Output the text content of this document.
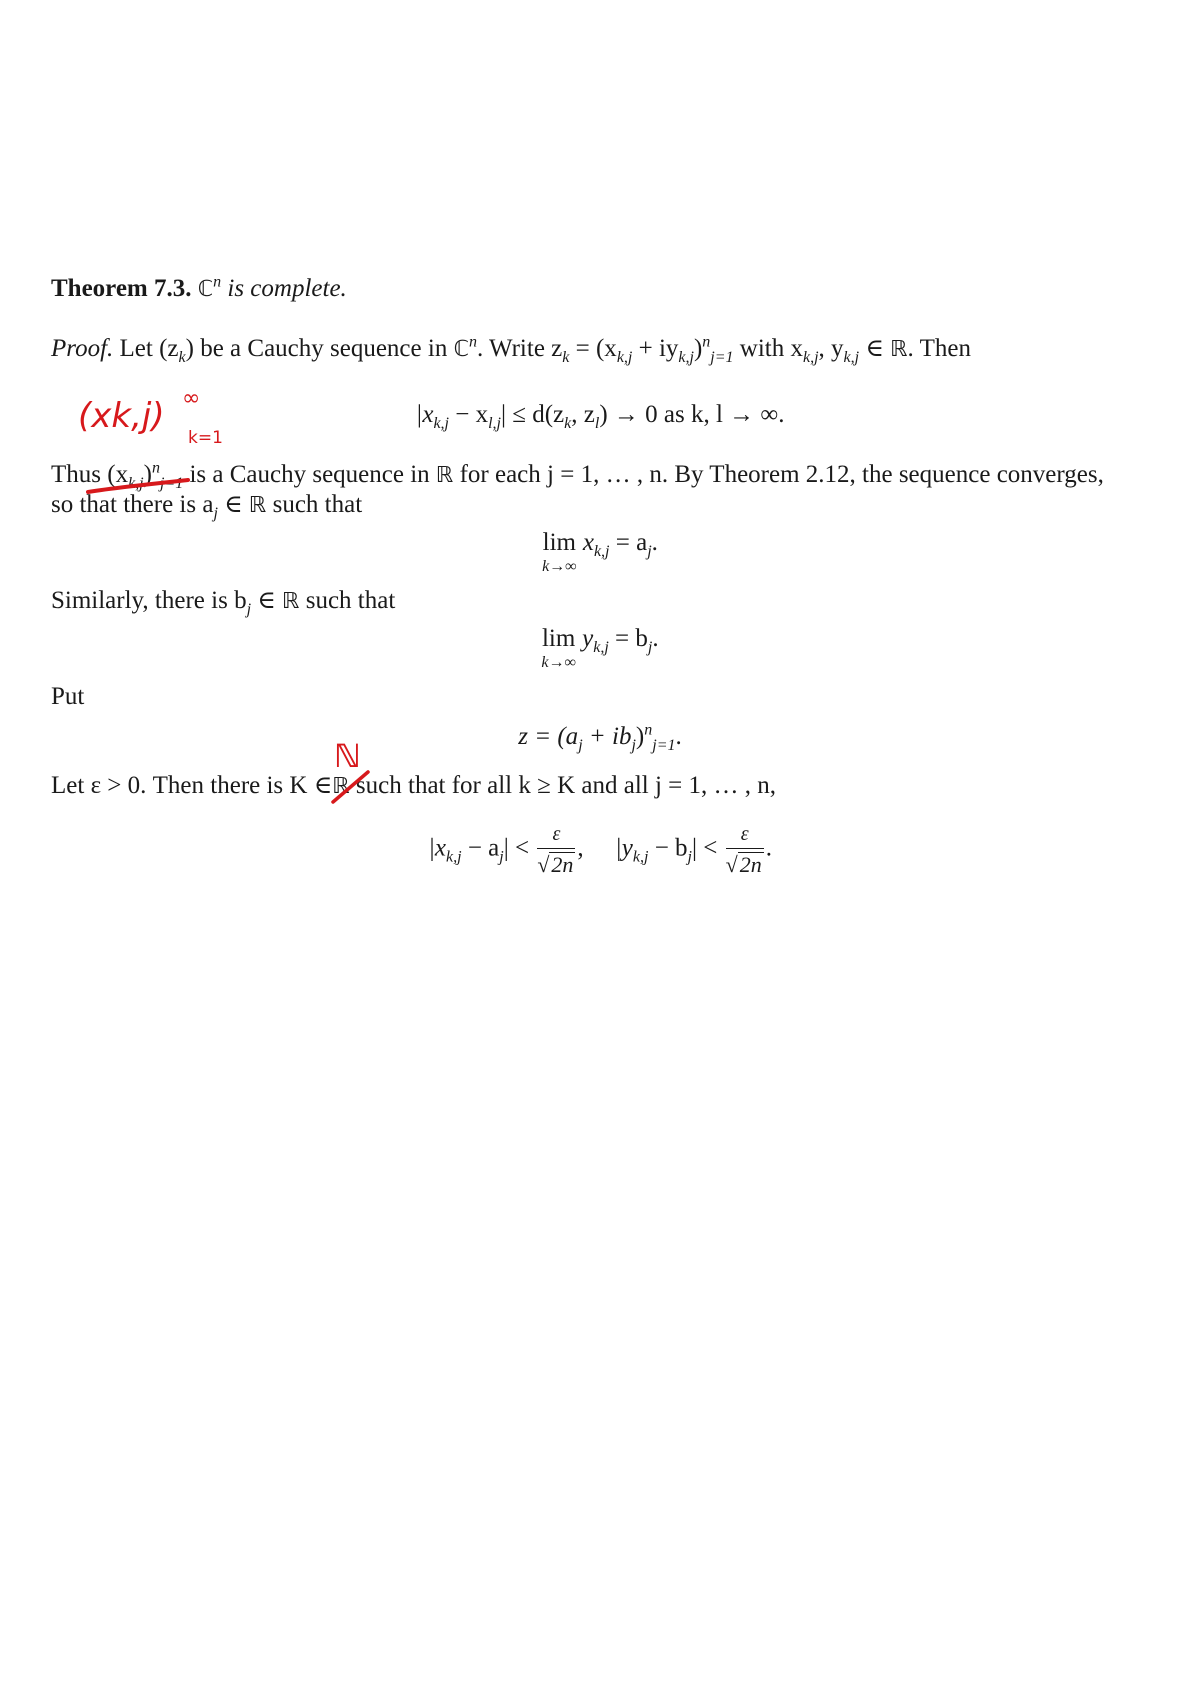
Theorem 7.3. ℂ$^n$ is complete.
Proof. Let $(z_k)$ be a Cauchy sequence in ℂ$^n$. Write $z_k = (x_{k,j} + iy_{k,j})^n_{j=1}$ with $x_{k,j}$, $y_{k,j}$ ∈ ℝ. Then
$|x_{k,j} - x_{l,j}| \le d(z_k$, $z_l) \to 0$ as k, l → ∞.
Thus $(x_{k,j})^n_{j=1}$ is a Cauchy sequence in ℝ for each j = 1, … , n. By Theorem 2.12, the sequence converges,
so that there is $a_j$ ∈ ℝ such that
lim
k→∞
$x_{k,j} = a_j$.
Similarly, there is $b_j$ ∈ ℝ such that
lim
k→∞
$y_{k,j} = b_j$.
Put
$z = (a_j + ib_j)^n_{j=1}$.
Let ε > 0. Then there is K ∈ℝ such that for all k ≥ K and all j = 1, … , n,
$|x_{k,j} - a_j| < \frac{\varepsilon}{√2n}$ , $|y_{k,j} - b_j| < \frac{\varepsilon}{√2n}$ .
(xk,j) ∞
k=1
ℕ
